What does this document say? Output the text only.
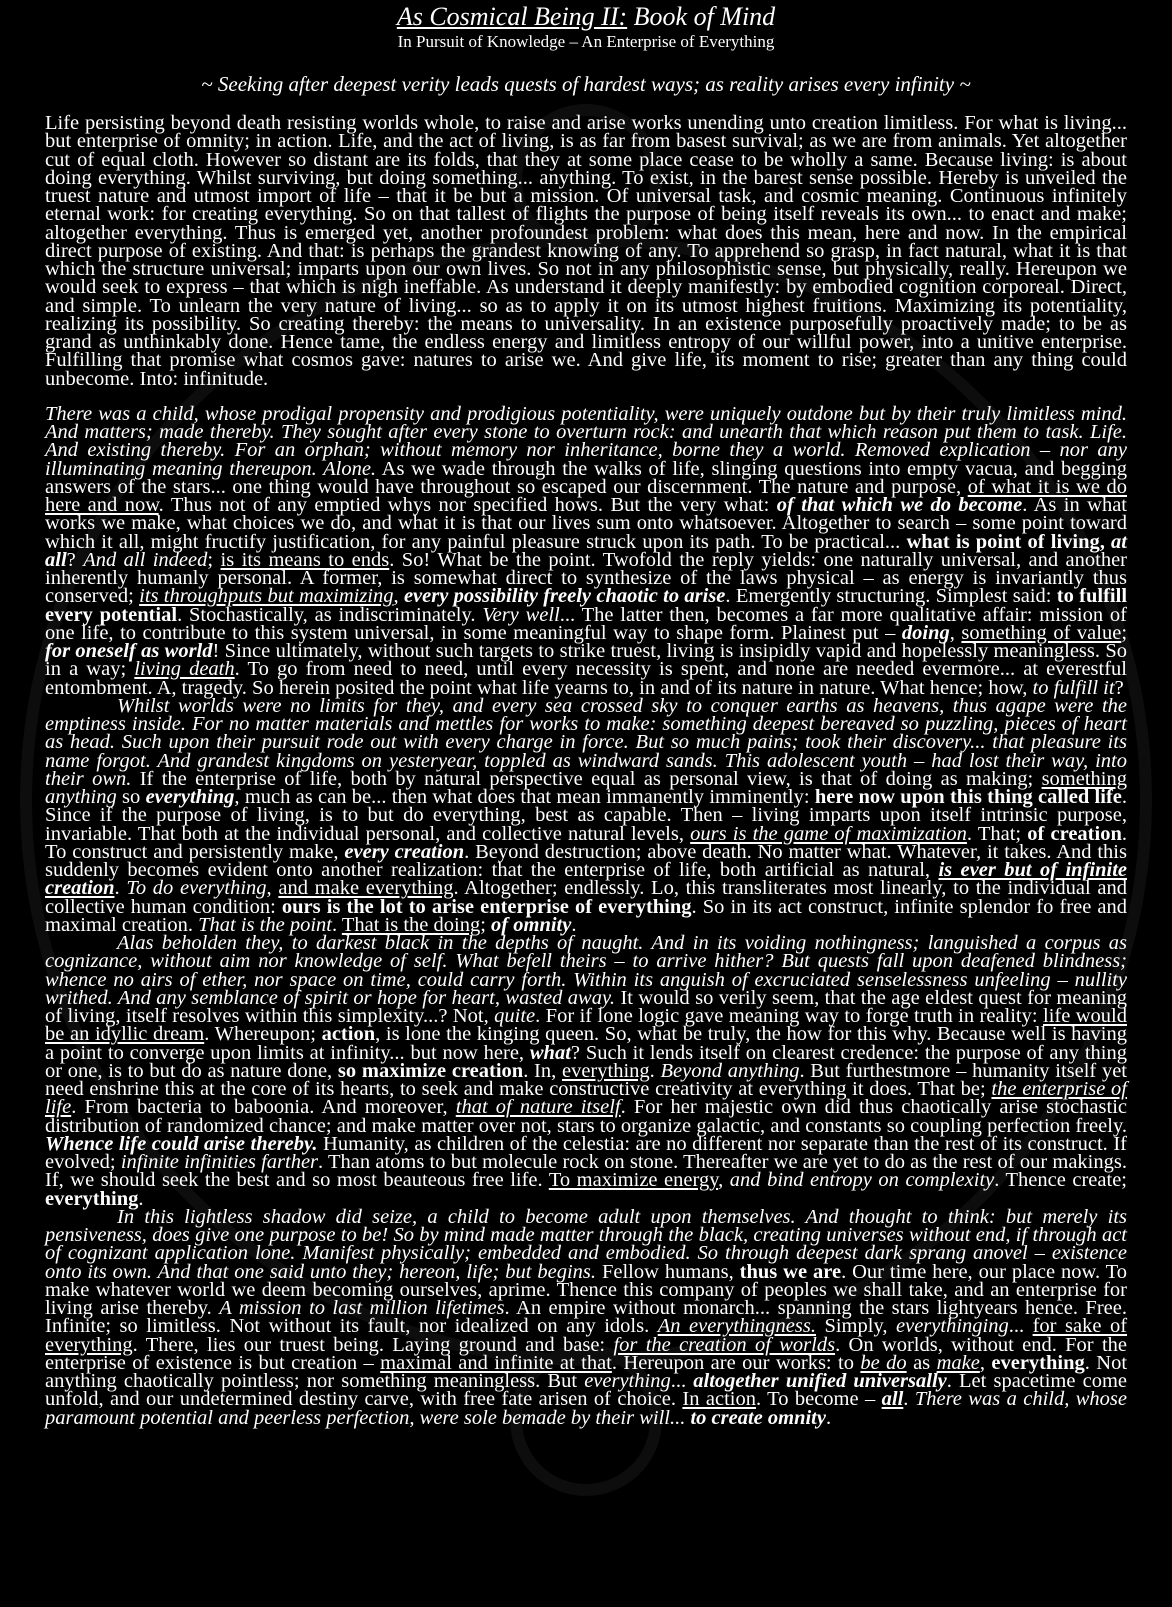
As Cosmical Being II: Book of Mind
In Pursuit of Knowledge – An Enterprise of Everything
~ Seeking after deepest verity leads quests of hardest ways; as reality arises every infinity ~

Life persisting beyond death resisting worlds whole, to raise and arise works unending unto creation limitless. For what is living... but enterprise of omnity; in action. Life, and the act of living, is as far from basest survival; as we are from animals. Yet altogether cut of equal cloth. However so distant are its folds, that they at some place cease to be wholly a same. Because living: is about doing everything. Whilst surviving, but doing something... anything. To exist, in the barest sense possible. Hereby is unveiled the truest nature and utmost import of life – that it be but a mission. Of universal task, and cosmic meaning. Continuous infinitely eternal work: for creating everything. So on that tallest of flights the purpose of being itself reveals its own... to enact and make; altogether everything. Thus is emerged yet, another profoundest problem: what does this mean, here and now. In the empirical direct purpose of existing. And that: is perhaps the grandest knowing of any. To apprehend so grasp, in fact natural, what it is that which the structure universal; imparts upon our own lives. So not in any philosophistic sense, but physically, really. Hereupon we would seek to express – that which is nigh ineffable. As understand it deeply manifestly: by embodied cognition corporeal. Direct, and simple. To unlearn the very nature of living... so as to apply it on its utmost highest fruitions. Maximizing its potentiality, realizing its possibility. So creating thereby: the means to universality. In an existence purposefully proactively made; to be as grand as unthinkably done. Hence tame, the endless energy and limitless entropy of our willful power, into a unitive enterprise. Fulfilling that promise what cosmos gave: natures to arise we. And give life, its moment to rise; greater than any thing could unbecome. Into: infinitude.

There was a child, whose prodigal propensity and prodigious potentiality, were uniquely outdone but by their truly limitless mind. And matters; made thereby. They sought after every stone to overturn rock: and unearth that which reason put them to task. Life. And existing thereby. For an orphan; without memory nor inheritance, borne they a world. Removed explication – nor any illuminating meaning thereupon. Alone. As we wade through the walks of life, slinging questions into empty vacua, and begging answers of the stars... one thing would have throughout so escaped our discernment. The nature and purpose, of what it is we do here and now. Thus not of any emptied whys nor specified hows. But the very what: of that which we do become. As in what works we make, what choices we do, and what it is that our lives sum onto whatsoever. Altogether to search – some point toward which it all, might fructify justification, for any painful pleasure struck upon its path. To be practical... what is point of living, at all? And all indeed; is its means to ends. So! What be the point. Twofold the reply yields: one naturally universal, and another inherently humanly personal. A former, is somewhat direct to synthesize of the laws physical – as energy is invariantly thus conserved; its throughputs but maximizing, every possibility freely chaotic to arise. Emergently structuring. Simplest said: to fulfill every potential. Stochastically, as indiscriminately. Very well... The latter then, becomes a far more qualitative affair: mission of one life, to contribute to this system universal, in some meaningful way to shape form. Plainest put – doing, something of value; for oneself as world! Since ultimately, without such targets to strike truest, living is insipidly vapid and hopelessly meaningless. So in a way; living death. To go from need to need, until every necessity is spent, and none are needed evermore... at everestful entombment. A, tragedy. So herein posited the point what life yearns to, in and of its nature in nature. What hence; how, to fulfill it?

Whilst worlds were no limits for they, and every sea crossed sky to conquer earths as heavens, thus agape were the emptiness inside. For no matter materials and mettles for works to make: something deepest bereaved so puzzling, pieces of heart as head. Such upon their pursuit rode out with every charge in force. But so much pains; took their discovery... that pleasure its name forgot. And grandest kingdoms on yesteryear, toppled as windward sands. This adolescent youth – had lost their way, into their own. If the enterprise of life, both by natural perspective equal as personal view, is that of doing as making; something anything so everything, much as can be... then what does that mean immanently imminently: here now upon this thing called life. Since if the purpose of living, is to but do everything, best as capable. Then – living imparts upon itself intrinsic purpose, invariable. That both at the individual personal, and collective natural levels, ours is the game of maximization. That; of creation. To construct and persistently make, every creation. Beyond destruction; above death. No matter what. Whatever, it takes. And this suddenly becomes evident onto another realization: that the enterprise of life, both artificial as natural, is ever but of infinite creation. To do everything, and make everything. Altogether; endlessly. Lo, this transliterates most linearly, to the individual and collective human condition: ours is the lot to arise enterprise of everything. So in its act construct, infinite splendor fo free and maximal creation. That is the point. That is the doing; of omnity.

Alas beholden they, to darkest black in the depths of naught. And in its voiding nothingness; languished a corpus as cognizance, without aim nor knowledge of self. What befell theirs – to arrive hither? But quests fall upon deafened blindness; whence no airs of ether, nor space on time, could carry forth. Within its anguish of excruciated senselessness unfeeling – nullity writhed. And any semblance of spirit or hope for heart, wasted away. It would so verily seem, that the age eldest quest for meaning of living, itself resolves within this simplexity...? Not, quite. For if lone logic gave meaning way to forge truth in reality: life would be an idyllic dream. Whereupon; action, is lone the kinging queen. So, what be truly, the how for this why. Because well is having a point to converge upon limits at infinity... but now here, what? Such it lends itself on clearest credence: the purpose of any thing or one, is to but do as nature done, so maximize creation. In, everything. Beyond anything. But furthestmore – humanity itself yet need enshrine this at the core of its hearts, to seek and make constructive creativity at everything it does. That be; the enterprise of life. From bacteria to baboonia. And moreover, that of nature itself. For her majestic own did thus chaotically arise stochastic distribution of randomized chance; and make matter over not, stars to organize galactic, and constants so coupling perfection freely. Whence life could arise thereby. Humanity, as children of the celestia: are no different nor separate than the rest of its construct. If evolved; infinite infinities farther. Than atoms to but molecule rock on stone. Thereafter we are yet to do as the rest of our makings. If, we should seek the best and so most beauteous free life. To maximize energy, and bind entropy on complexity. Thence create; everything.

In this lightless shadow did seize, a child to become adult upon themselves. And thought to think: but merely its pensiveness, does give one purpose to be! So by mind made matter through the black, creating universes without end, if through act of cognizant application lone. Manifest physically; embedded and embodied. So through deepest dark sprang anovel – existence onto its own. And that one said unto they; hereon, life; but begins. Fellow humans, thus we are. Our time here, our place now. To make whatever world we deem becoming ourselves, aprime. Thence this company of peoples we shall take, and an enterprise for living arise thereby. A mission to last million lifetimes. An empire without monarch... spanning the stars lightyears hence. Free. Infinite; so limitless. Not without its fault, nor idealized on any idols. An everythingness. Simply, everythinging... for sake of everything. There, lies our truest being. Laying ground and base: for the creation of worlds. On worlds, without end. For the enterprise of existence is but creation – maximal and infinite at that. Hereupon are our works: to be do as make, everything. Not anything chaotically pointless; nor something meaningless. But everything... altogether unified universally. Let spacetime come unfold, and our undetermined destiny carve, with free fate arisen of choice. In action. To become – all. There was a child, whose paramount potential and peerless perfection, were sole bemade by their will... to create omnity.
